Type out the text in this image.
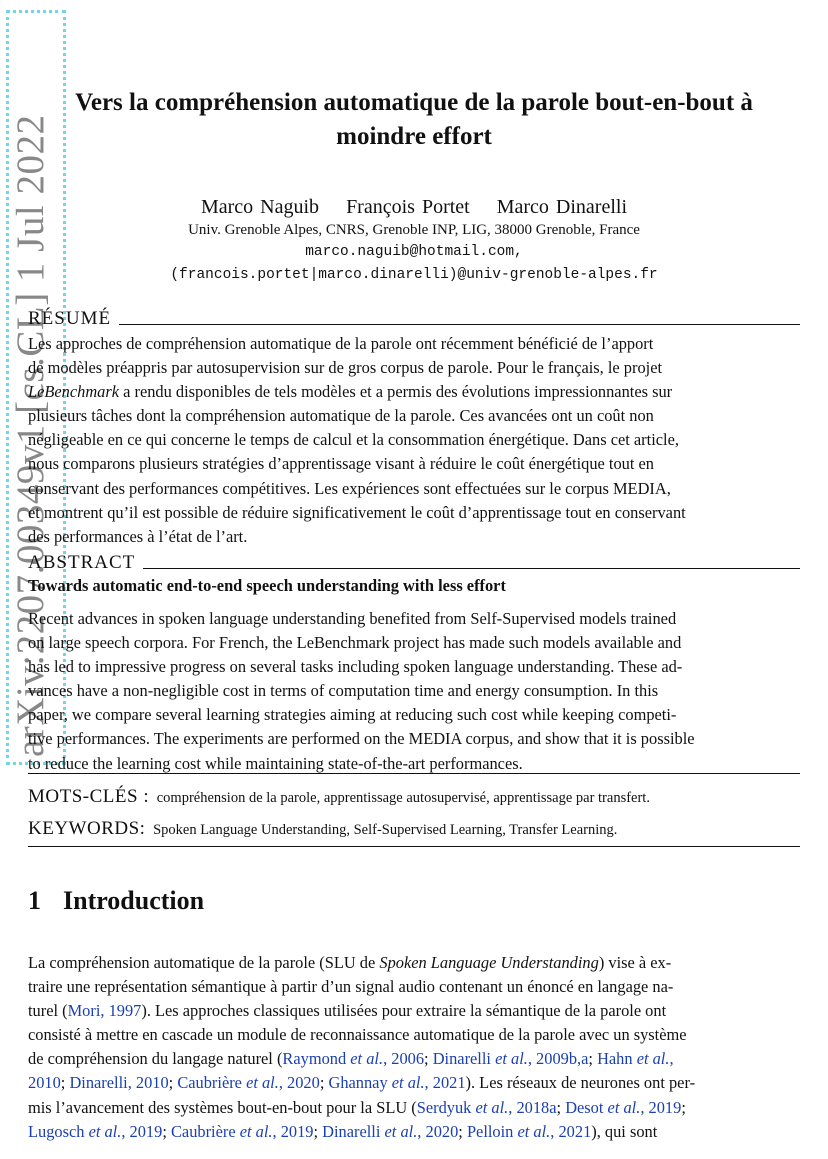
arXiv:2207.00349v1 [cs.CL] 1 Jul 2022
Vers la compréhension automatique de la parole bout-en-bout à
moindre effort
Marco Naguib François Portet Marco Dinarelli
Univ. Grenoble Alpes, CNRS, Grenoble INP, LIG, 38000 Grenoble, France
marco.naguib@hotmail.com,
(francois.portet|marco.dinarelli)@univ-grenoble-alpes.fr
RÉSUMÉ
Les approches de compréhension automatique de la parole ont récemment bénéficié de l’apport
de modèles préappris par autosupervision sur de gros corpus de parole. Pour le français, le projet
LeBenchmark a rendu disponibles de tels modèles et a permis des évolutions impressionnantes sur
plusieurs tâches dont la compréhension automatique de la parole. Ces avancées ont un coût non
négligeable en ce qui concerne le temps de calcul et la consommation énergétique. Dans cet article,
nous comparons plusieurs stratégies d’apprentissage visant à réduire le coût énergétique tout en
conservant des performances compétitives. Les expériences sont effectuées sur le corpus MEDIA,
et montrent qu’il est possible de réduire significativement le coût d’apprentissage tout en conservant
des performances à l’état de l’art.
ABSTRACT
Towards automatic end-to-end speech understanding with less effort
Recent advances in spoken language understanding benefited from Self-Supervised models trained
on large speech corpora. For French, the LeBenchmark project has made such models available and
has led to impressive progress on several tasks including spoken language understanding. These ad-
vances have a non-negligible cost in terms of computation time and energy consumption. In this
paper, we compare several learning strategies aiming at reducing such cost while keeping competi-
tive performances. The experiments are performed on the MEDIA corpus, and show that it is possible
to reduce the learning cost while maintaining state-of-the-art performances.
MOTS-CLÉS : compréhension de la parole, apprentissage autosupervisé, apprentissage par transfert.
KEYWORDS: Spoken Language Understanding, Self-Supervised Learning, Transfer Learning.
1 Introduction
La compréhension automatique de la parole (SLU de Spoken Language Understanding) vise à ex-
traire une représentation sémantique à partir d’un signal audio contenant un énoncé en langage na-
turel (Mori, 1997). Les approches classiques utilisées pour extraire la sémantique de la parole ont
consisté à mettre en cascade un module de reconnaissance automatique de la parole avec un système
de compréhension du langage naturel (Raymond et al., 2006; Dinarelli et al., 2009b,a; Hahn et al.,
2010; Dinarelli, 2010; Caubrière et al., 2020; Ghannay et al., 2021). Les réseaux de neurones ont per-
mis l’avancement des systèmes bout-en-bout pour la SLU (Serdyuk et al., 2018a; Desot et al., 2019;
Lugosch et al., 2019; Caubrière et al., 2019; Dinarelli et al., 2020; Pelloin et al., 2021), qui sont
